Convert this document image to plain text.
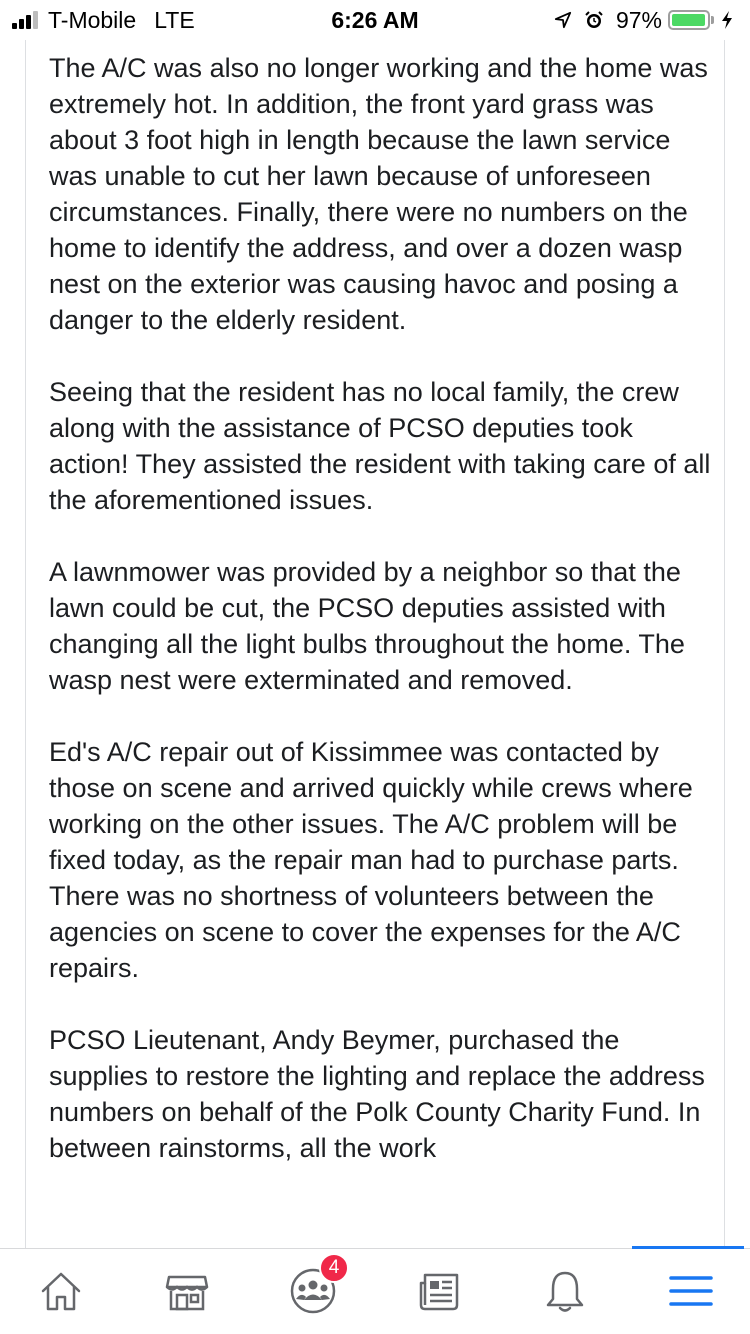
T-Mobile LTE	6:26 AM	97%

The A/C was also no longer working and the home was extremely hot. In addition, the front yard grass was about 3 foot high in length because the lawn service was unable to cut her lawn because of unforeseen circumstances. Finally, there were no numbers on the home to identify the address, and over a dozen wasp nest on the exterior was causing havoc and posing a danger to the elderly resident.

Seeing that the resident has no local family, the crew along with the assistance of PCSO deputies took action! They assisted the resident with taking care of all the aforementioned issues.

A lawnmower was provided by a neighbor so that the lawn could be cut, the PCSO deputies assisted with changing all the light bulbs throughout the home. The wasp nest were exterminated and removed.

Ed's A/C repair out of Kissimmee was contacted by those on scene and arrived quickly while crews where working on the other issues. The A/C problem will be fixed today, as the repair man had to purchase parts. There was no shortness of volunteers between the agencies on scene to cover the expenses for the A/C repairs.

PCSO Lieutenant, Andy Beymer, purchased the supplies to restore the lighting and replace the address numbers on behalf of the Polk County Charity Fund. In between rainstorms, all the work

4
